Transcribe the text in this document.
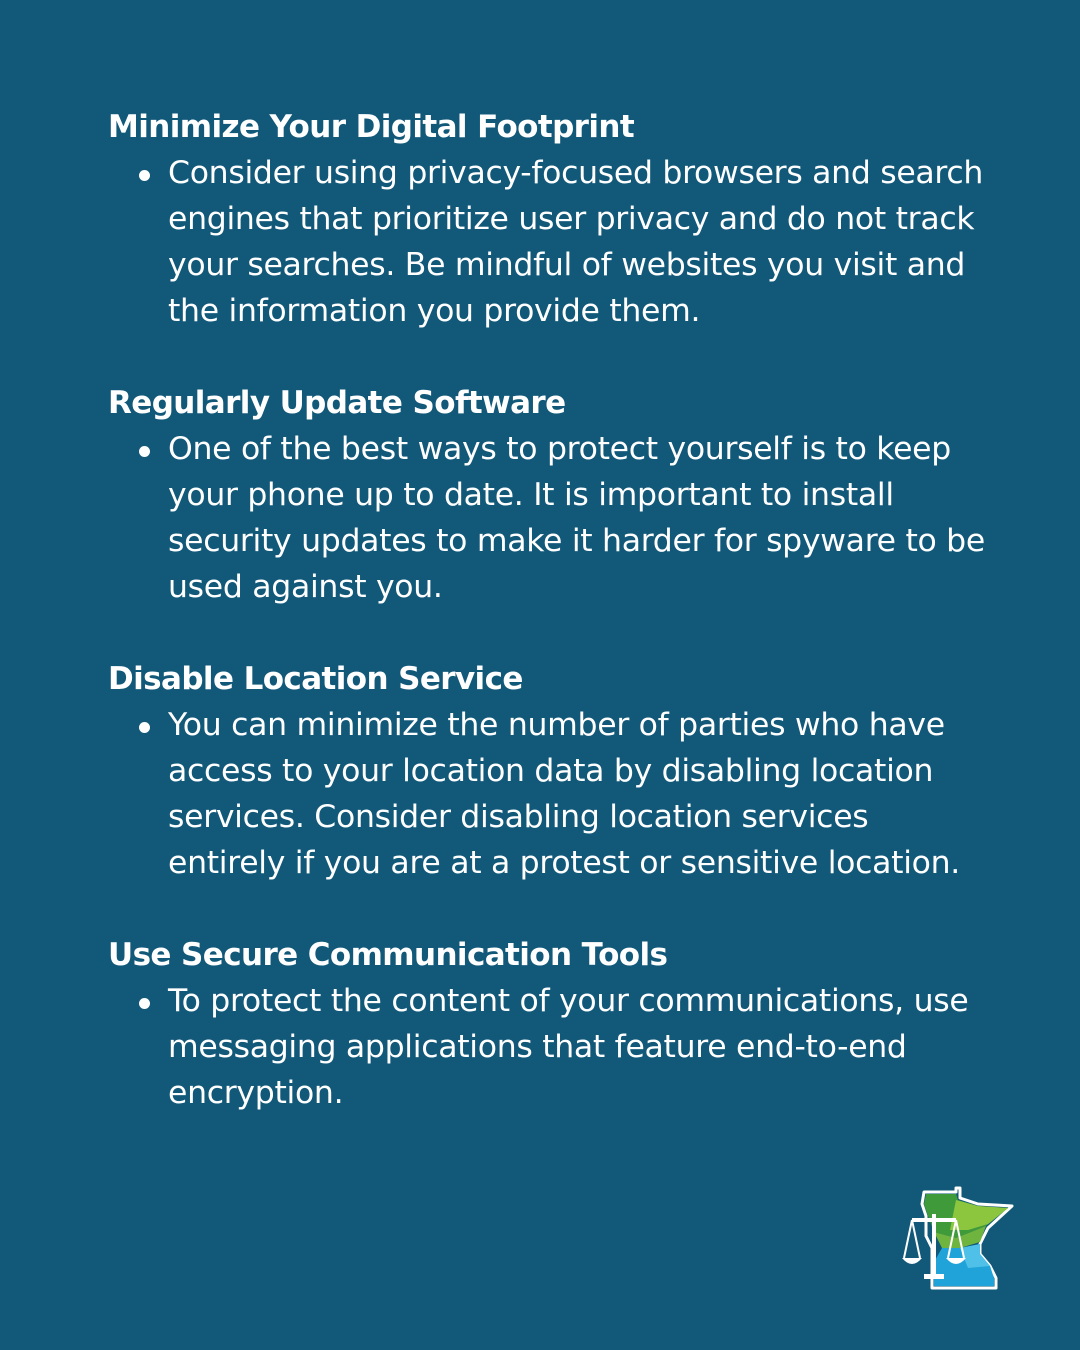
Minimize Your Digital Footprint
Consider using privacy-focused browsers and search engines that prioritize user privacy and do not track your searches. Be mindful of websites you visit and the information you provide them.
Regularly Update Software
One of the best ways to protect yourself is to keep your phone up to date. It is important to install security updates to make it harder for spyware to be used against you.
Disable Location Service
You can minimize the number of parties who have access to your location data by disabling location services. Consider disabling location services entirely if you are at a protest or sensitive location.
Use Secure Communication Tools
To protect the content of your communications, use messaging applications that feature end-to-end encryption.
